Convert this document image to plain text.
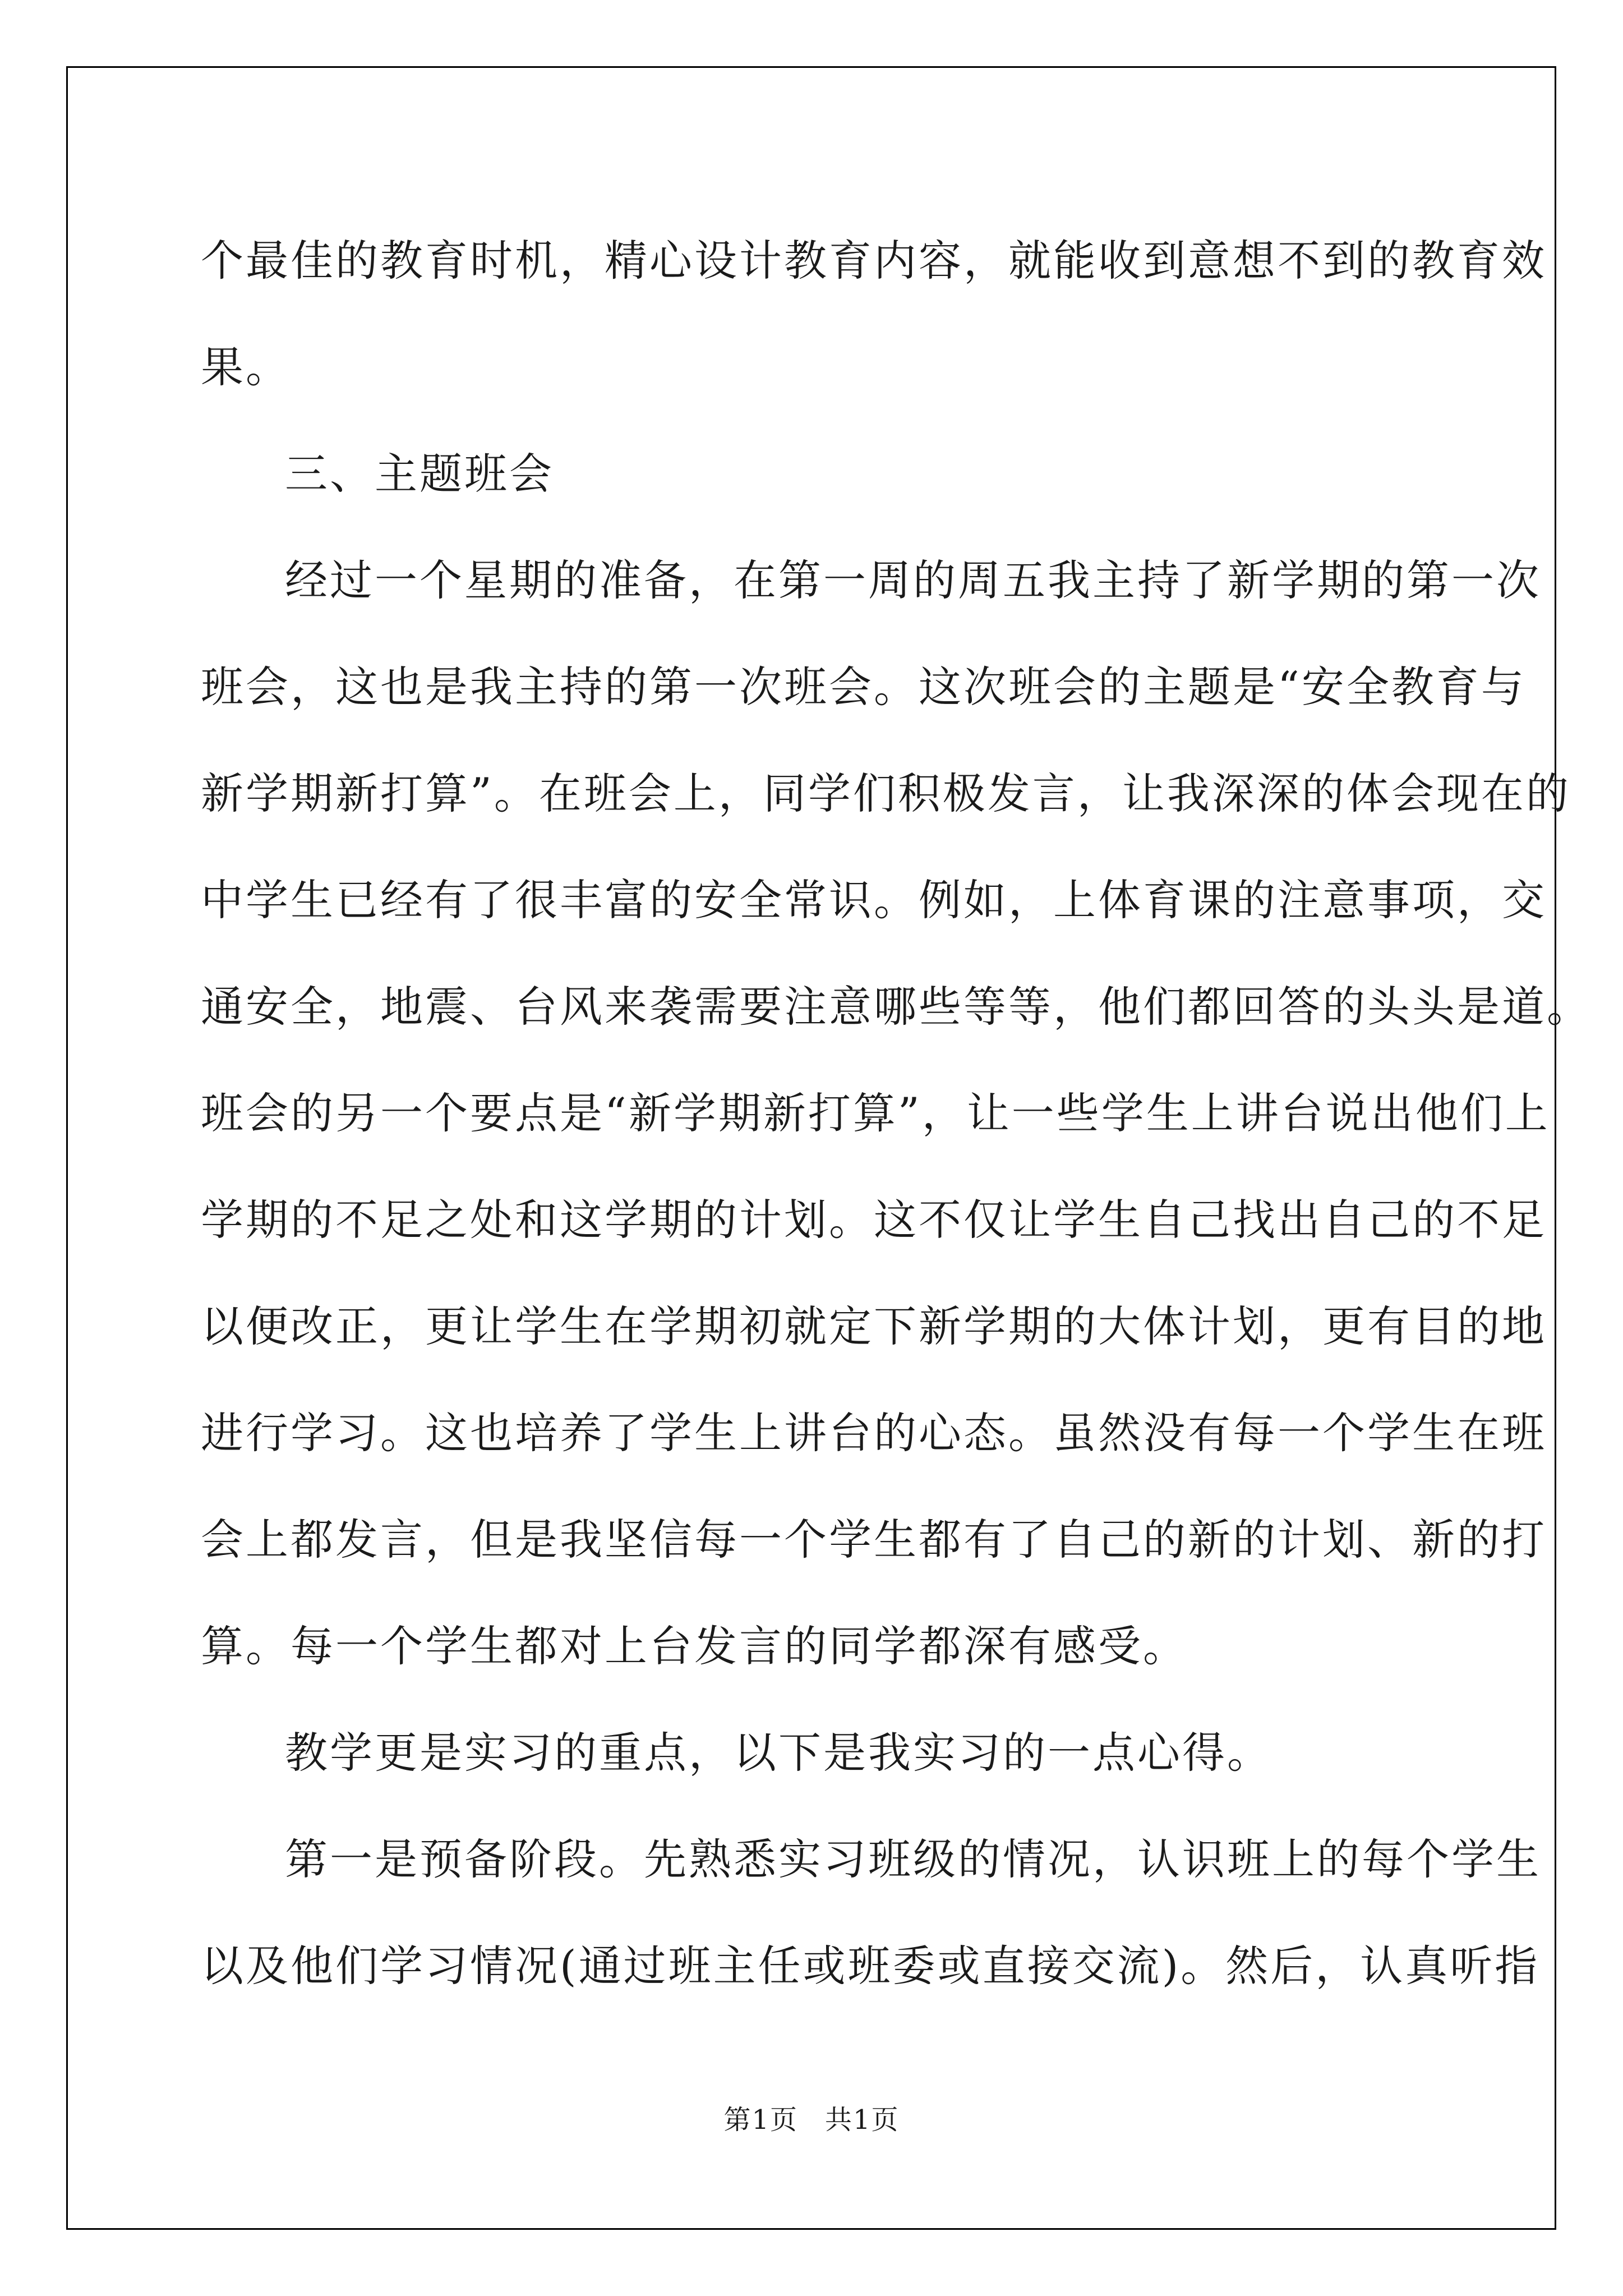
个最佳的教育时机，精心设计教育内容，就能收到意想不到的教育效
果。
三、主题班会
经过一个星期的准备，在第一周的周五我主持了新学期的第一次
班会，这也是我主持的第一次班会。这次班会的主题是“安全教育与
新学期新打算”。在班会上，同学们积极发言，让我深深的体会现在的
中学生已经有了很丰富的安全常识。例如，上体育课的注意事项，交
通安全，地震、台风来袭需要注意哪些等等，他们都回答的头头是道。
班会的另一个要点是“新学期新打算”，让一些学生上讲台说出他们上
学期的不足之处和这学期的计划。这不仅让学生自己找出自己的不足
以便改正，更让学生在学期初就定下新学期的大体计划，更有目的地
进行学习。这也培养了学生上讲台的心态。虽然没有每一个学生在班
会上都发言，但是我坚信每一个学生都有了自己的新的计划、新的打
算。每一个学生都对上台发言的同学都深有感受。
教学更是实习的重点，以下是我实习的一点心得。
第一是预备阶段。先熟悉实习班级的情况，认识班上的每个学生
以及他们学习情况(通过班主任或班委或直接交流)。然后，认真听指
第1页 共1页
